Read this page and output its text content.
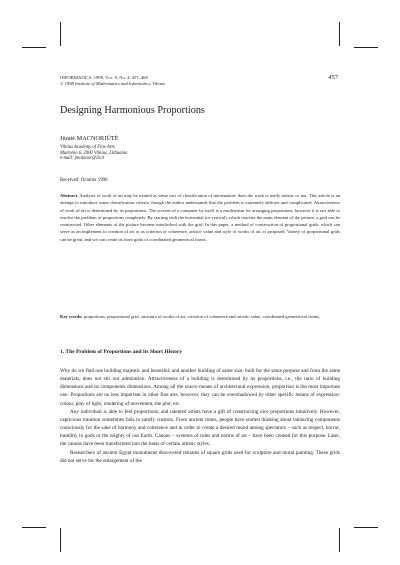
INFORMATICA, 1998, Vol. 9, No. 4, 457–468
© 1998 Institute of Mathematics and Informatics, Vilnius
457
Designing Harmonious Proportions
Jūratė MACNORIŪTĖ
Vilnius Academy of Fine Arts
Maironio 6, 2000 Vilnius, Lithuania
e-mail: jmatonor@lii.lt
Received: October 1998
Abstract. Analysis of work of art may be treated as some sort of classification of information: does the work is really artistic or not. This article is an attempt to introduce some classification criteria, though the author understands that the problem is extremely delicate and complicated. Attractiveness of work of art is determined by its proportions. The screens of a computer by itself is a mechanism for arranging proportions, however it is not able to resolve the problem of proportions completely. By starting with the horizontal (or vertical), which touches the main element of the picture, a grid can be constructed. Other elements of the picture become interlocked with the grid. In this paper, a method of construction of proportional grids, which can serve as an implement to creation of art or as criterion of coherence, artistic value and style of works of art, is proposed. Variety of proportional grids can be great, and we can create its from grids of coordinated geometrical forms.
Key words: proportions, proportional grid, structure of works of art, criterion of coherence and artistic value, coordinated geometrical forms.
1. The Problem of Proportions and its Short History

Why do we find one building majestic and beautiful, and another building of same size, built for the same purpose and from the same materials, does not stir our admiration. Attractiveness of a building is determined by its proportions, i.e., the ratio of building dimensions and its components dimensions. Among all the scarce means of architectural expression, proportion is the most important one. Proportions are no less important in other fine arts, however, they can be overshadowed by other specific means of expression: colour, play of light, rendering of movement, the plot, etc.

Any individual is able to feel proportions, and talented artists have a gift of constructing nice proportions intuitively. However, capricious intuition sometimes fails to satisfy creators. From ancient times, people have started thinking about balancing components consciously for the sake of harmony and coherence and in order to create a desired mood among spectators – such as respect, horror, humility to gods or the mighty of our Earth. Canons – systems of rules and norms of art – have been created for this purpose. Later, the canons have been transformed into the basis of certain artistic styles.

Researchers of ancient Egypt monuments discovered remains of square grids used for sculpture and mural painting. These grids did not serve for the enlargement of the
